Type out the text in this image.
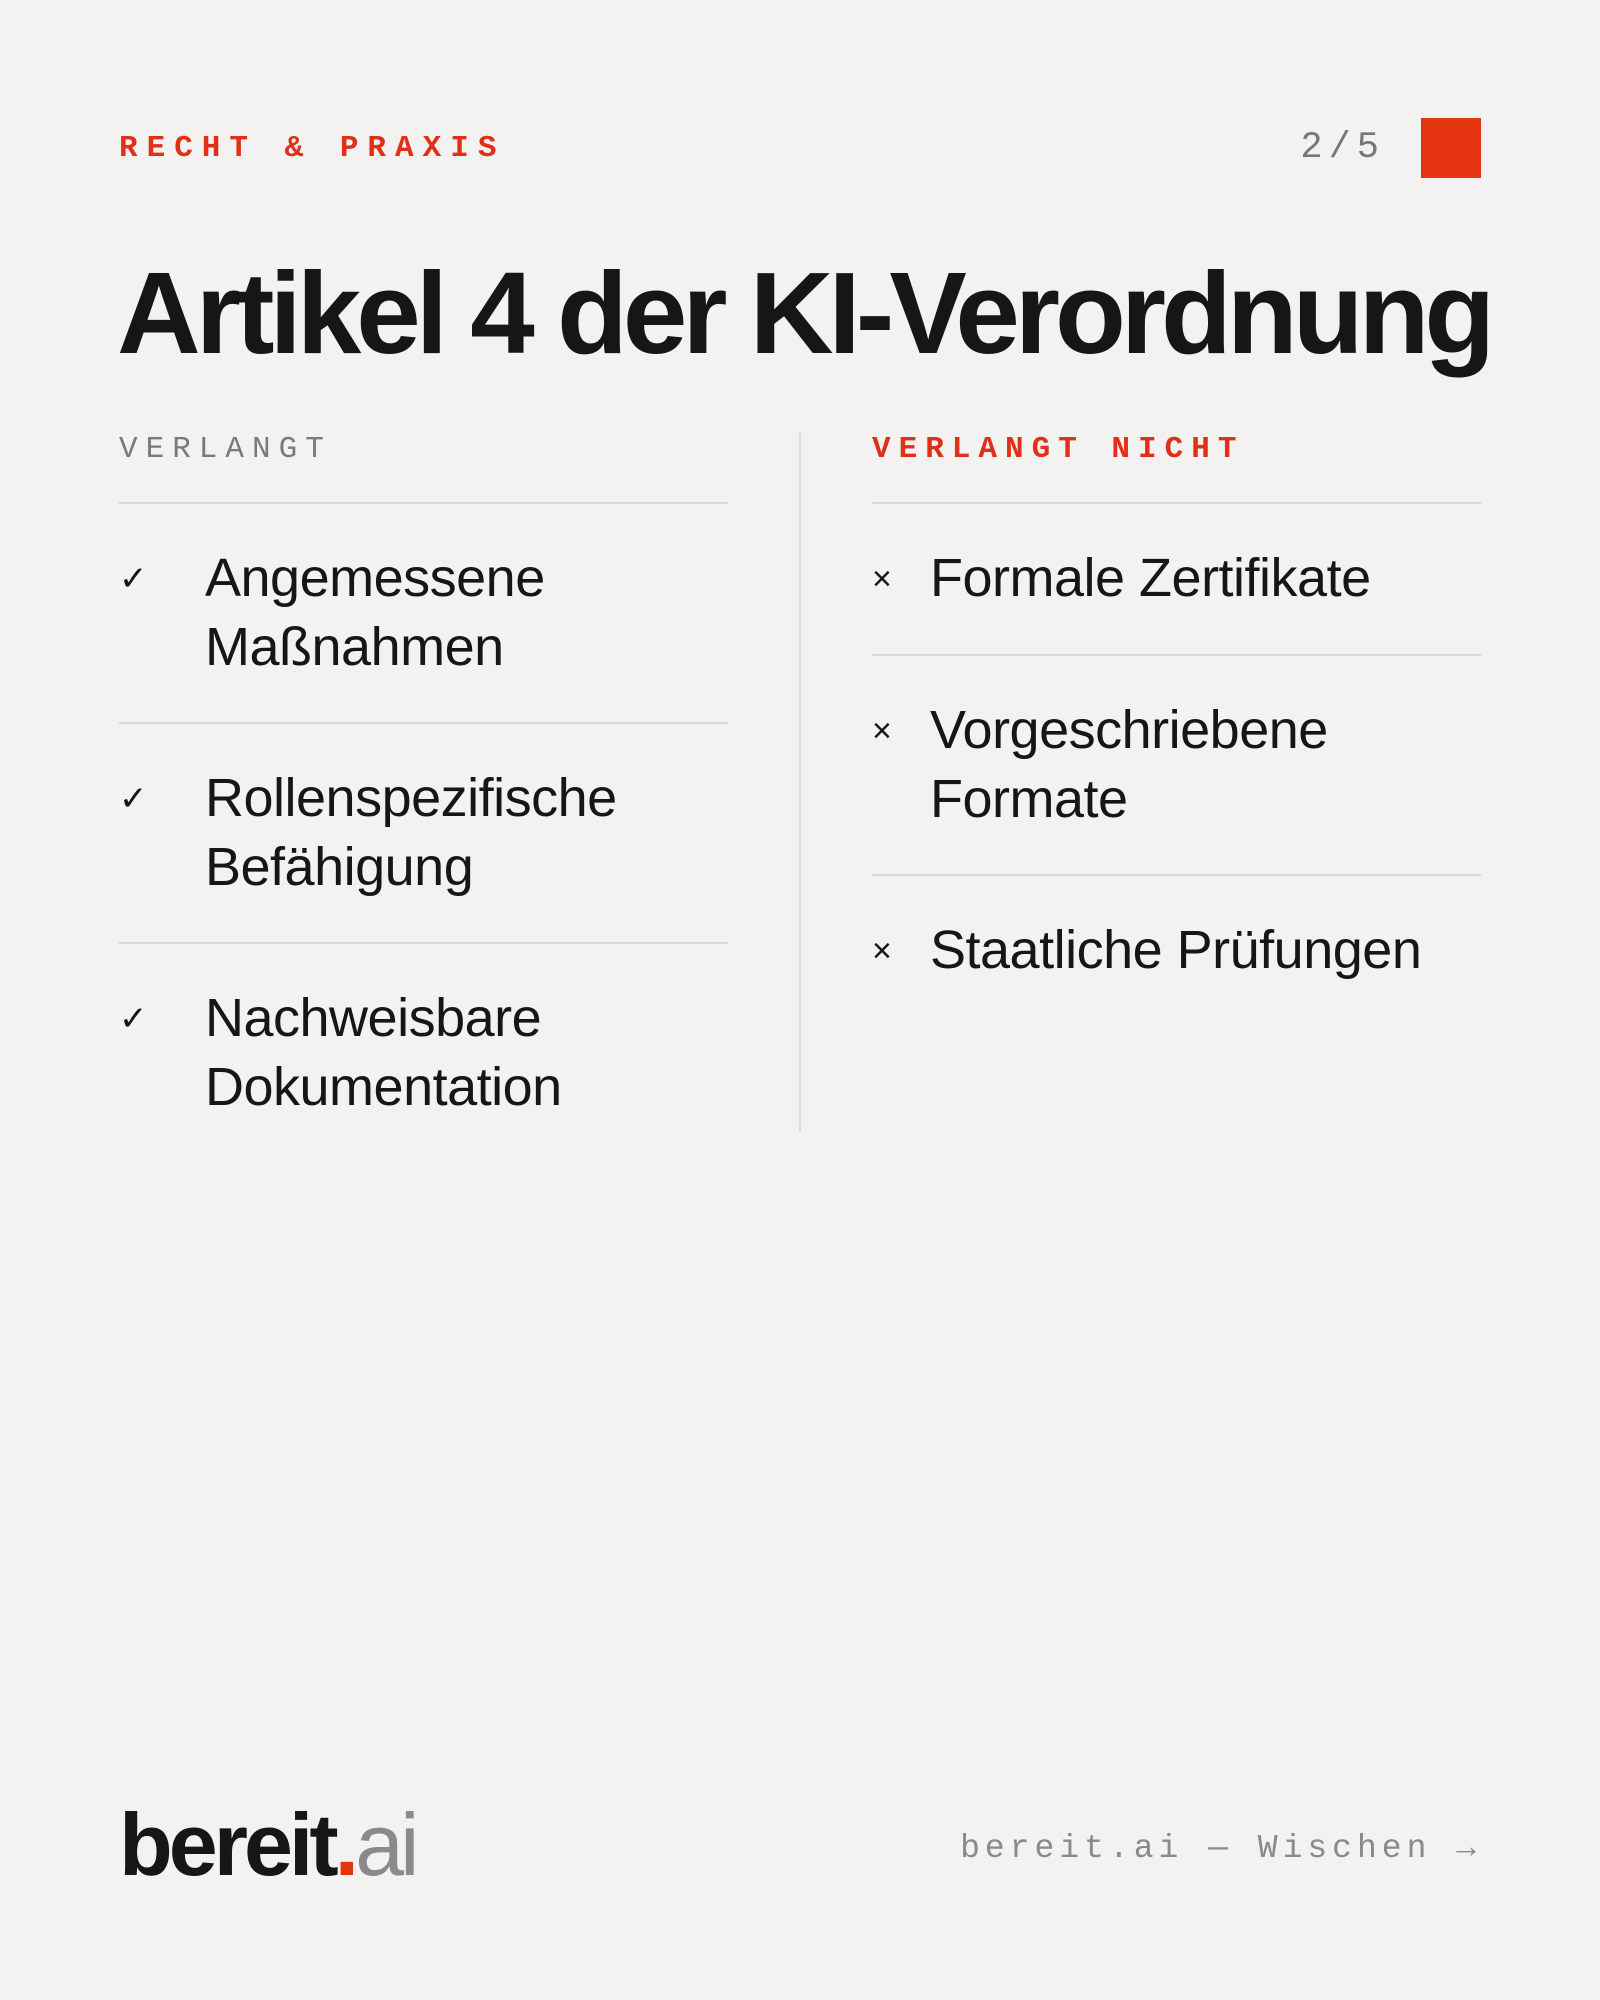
RECHT & PRAXIS	2/5
Artikel 4 der KI-Verordnung
VERLANGT
✓	Angemessene
Maßnahmen
✓	Rollenspezifische
Befähigung
✓	Nachweisbare
Dokumentation
VERLANGT NICHT
× Formale Zertifikate
× Vorgeschriebene
Formate
× Staatliche Prüfungen
bereit.ai	bereit.ai — Wischen →
